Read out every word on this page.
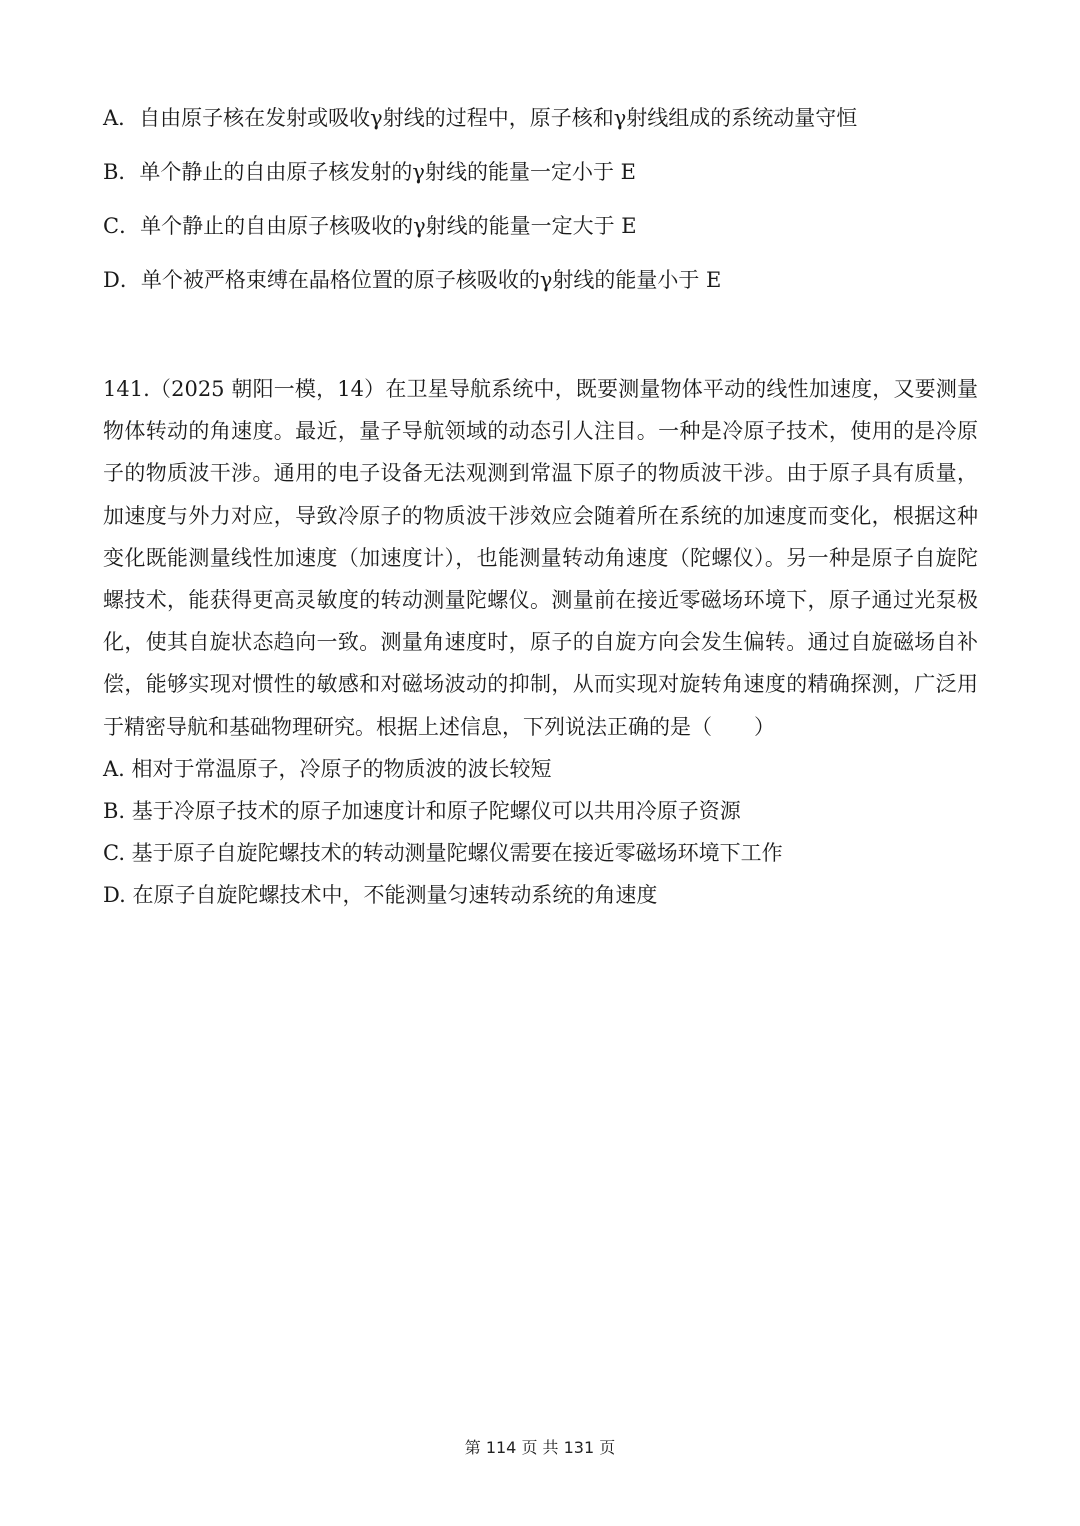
A．自由原子核在发射或吸收γ射线的过程中，原子核和γ射线组成的系统动量守恒
B．单个静止的自由原子核发射的γ射线的能量一定小于 E
C．单个静止的自由原子核吸收的γ射线的能量一定大于 E
D．单个被严格束缚在晶格位置的原子核吸收的γ射线的能量小于 E

141.（2025 朝阳一模，14）在卫星导航系统中，既要测量物体平动的线性加速度，又要测量物体转动的角速度。最近，量子导航领域的动态引人注目。一种是冷原子技术，使用的是冷原子的物质波干涉。通用的电子设备无法观测到常温下原子的物质波干涉。由于原子具有质量，加速度与外力对应，导致冷原子的物质波干涉效应会随着所在系统的加速度而变化，根据这种变化既能测量线性加速度（加速度计），也能测量转动角速度（陀螺仪）。另一种是原子自旋陀螺技术，能获得更高灵敏度的转动测量陀螺仪。测量前在接近零磁场环境下，原子通过光泵极化，使其自旋状态趋向一致。测量角速度时，原子的自旋方向会发生偏转。通过自旋磁场自补偿，能够实现对惯性的敏感和对磁场波动的抑制，从而实现对旋转角速度的精确探测，广泛用于精密导航和基础物理研究。根据上述信息，下列说法正确的是（　　）

A. 相对于常温原子，冷原子的物质波的波长较短
B. 基于冷原子技术的原子加速度计和原子陀螺仪可以共用冷原子资源
C. 基于原子自旋陀螺技术的转动测量陀螺仪需要在接近零磁场环境下工作
D. 在原子自旋陀螺技术中，不能测量匀速转动系统的角速度
第 114 页 共 131 页
